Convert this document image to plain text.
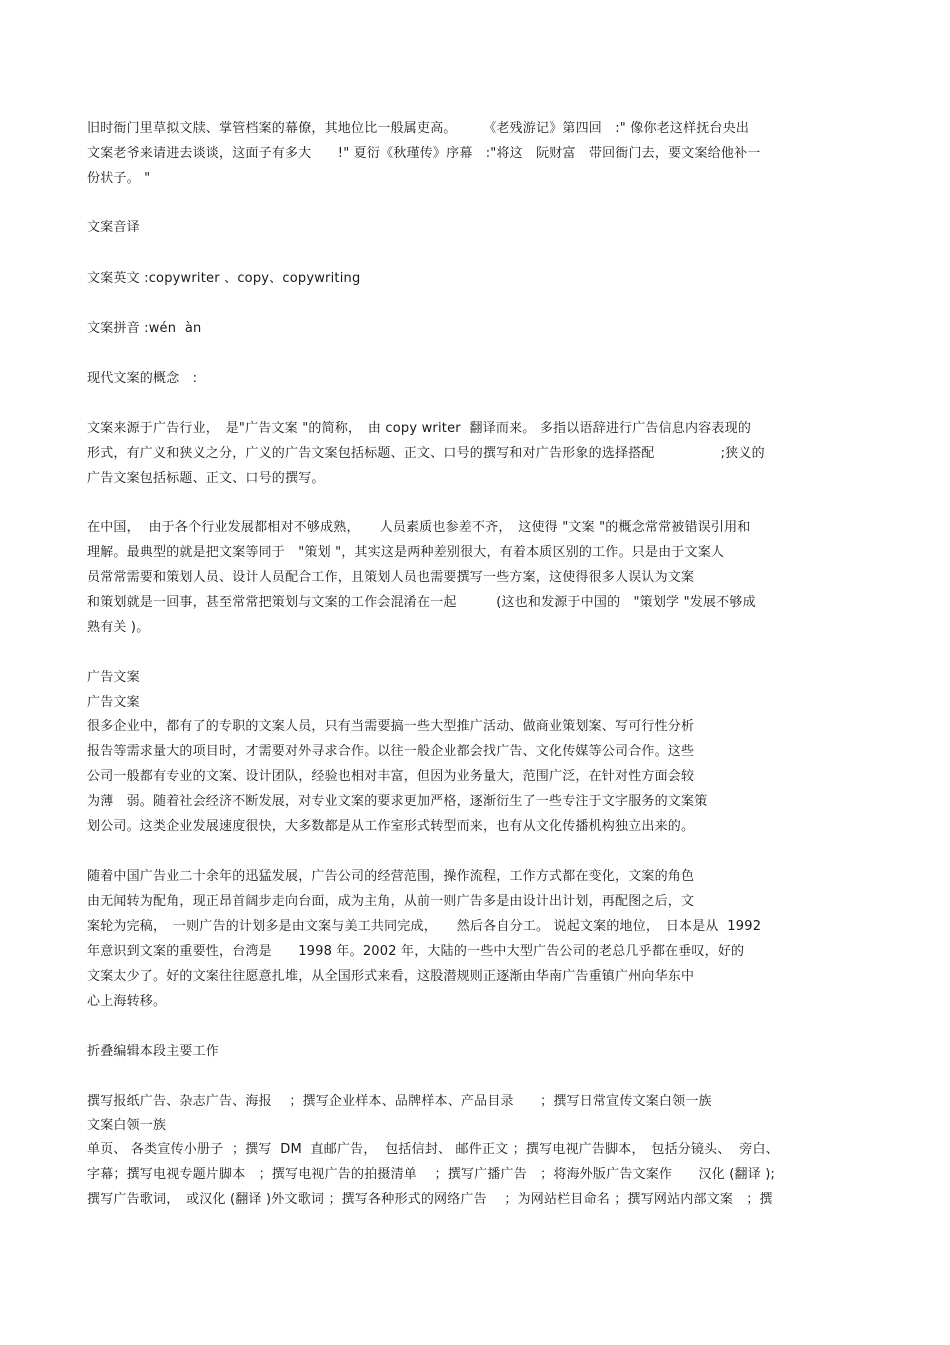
旧时衙门里草拟文牍、掌管档案的幕僚，其地位比一般属吏高。　　　《老残游记》第四回　:" 像你老这样抚台央出
文案老爷来请进去谈谈，这面子有多大　　!" 夏衍《秋瑾传》序幕　:"将这　阮财富　带回衙门去，要文案给他补一
份状子。 "
文案音译
文案英文 :copywriter 、copy、copywriting
文案拼音 :wén  àn
现代文案的概念　:
文案来源于广告行业，　是"广告文案 "的简称，　由 copy writer  翻译而来。 多指以语辞进行广告信息内容表现的
形式，有广义和狭义之分，广义的广告文案包括标题、正文、口号的撰写和对广告形象的选择搭配　　　　　;狭义的
广告文案包括标题、正文、口号的撰写。
在中国，  由于各个行业发展都相对不够成熟，　　人员素质也参差不齐，　这使得 "文案 "的概念常常被错误引用和
理解。最典型的就是把文案等同于　"策划 "，其实这是两种差别很大，有着本质区别的工作。只是由于文案人
员常常需要和策划人员、设计人员配合工作，且策划人员也需要撰写一些方案，这使得很多人误认为文案
和策划就是一回事，甚至常常把策划与文案的工作会混淆在一起　　　(这也和发源于中国的　"策划学 "发展不够成
熟有关 )。
广告文案
广告文案
很多企业中，都有了的专职的文案人员，只有当需要搞一些大型推广活动、做商业策划案、写可行性分析
报告等需求量大的项目时，才需要对外寻求合作。以往一般企业都会找广告、文化传媒等公司合作。这些
公司一般都有专业的文案、设计团队，经验也相对丰富，但因为业务量大，范围广泛，在针对性方面会较
为薄　弱。随着社会经济不断发展，对专业文案的要求更加严格，逐渐衍生了一些专注于文字服务的文案策
划公司。这类企业发展速度很快，大多数都是从工作室形式转型而来，也有从文化传播机构独立出来的。
随着中国广告业二十余年的迅猛发展，广告公司的经营范围，操作流程，工作方式都在变化，文案的角色
由无闻转为配角，现正昂首阔步走向台面，成为主角，从前一则广告多是由设计出计划，再配图之后，文
案轮为完稿，　一则广告的计划多是由文案与美工共同完成，　　然后各自分工。 说起文案的地位，　日本是从  1992
年意识到文案的重要性，台湾是　　1998 年。2002 年，大陆的一些中大型广告公司的老总几乎都在垂叹，好的
文案太少了。好的文案往往愿意扎堆，从全国形式来看，这股潜规则正逐渐由华南广告重镇广州向华东中
心上海转移。
折叠编辑本段主要工作
撰写报纸广告、杂志广告、海报　 ；撰写企业样本、品牌样本、产品目录　　；撰写日常宣传文案白领一族
文案白领一族
单页、 各类宣传小册子  ；撰写  DM  直邮广告，  包括信封、 邮件正文 ；撰写电视广告脚本，　包括分镜头、  旁白、
字幕；撰写电视专题片脚本　；撰写电视广告的拍摄清单　 ；撰写广播广告　；将海外版广告文案作　　汉化 (翻译 );
撰写广告歌词，　或汉化 (翻译 )外文歌词 ；撰写各种形式的网络广告　 ；为网站栏目命名 ；撰写网站内部文案　；撰
